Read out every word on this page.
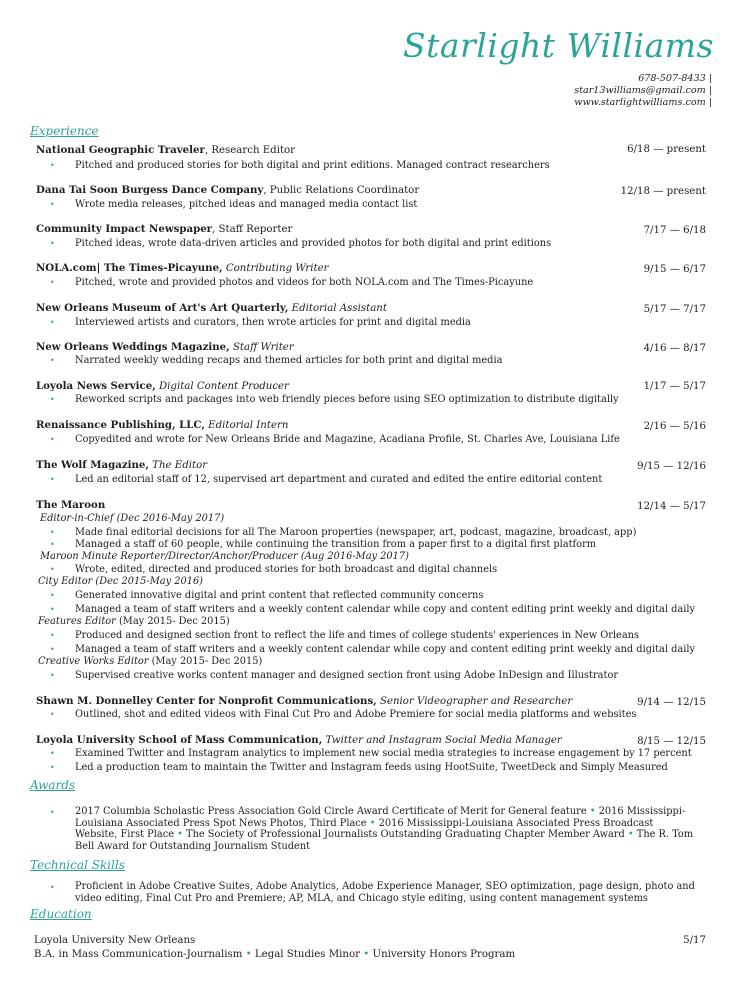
Starlight Williams
678-507-8433 |
star13williams@gmail.com |
www.starlightwilliams.com |
Experience
National Geographic Traveler, Research Editor	6/18 — present
• Pitched and produced stories for both digital and print editions. Managed contract researchers
Dana Tai Soon Burgess Dance Company, Public Relations Coordinator	12/18 — present
• Wrote media releases, pitched ideas and managed media contact list
Community Impact Newspaper, Staff Reporter	7/17 — 6/18
• Pitched ideas, wrote data-driven articles and provided photos for both digital and print editions
NOLA.com| The Times-Picayune, Contributing Writer	9/15 — 6/17
• Pitched, wrote and provided photos and videos for both NOLA.com and The Times-Picayune
New Orleans Museum of Art's Art Quarterly, Editorial Assistant	5/17 — 7/17
• Interviewed artists and curators, then wrote articles for print and digital media
New Orleans Weddings Magazine, Staff Writer	4/16 — 8/17
• Narrated weekly wedding recaps and themed articles for both print and digital media
Loyola News Service, Digital Content Producer	1/17 — 5/17
• Reworked scripts and packages into web friendly pieces before using SEO optimization to distribute digitally
Renaissance Publishing, LLC, Editorial Intern	2/16 — 5/16
• Copyedited and wrote for New Orleans Bride and Magazine, Acadiana Profile, St. Charles Ave, Louisiana Life
The Wolf Magazine, The Editor	9/15 — 12/16
• Led an editorial staff of 12, supervised art department and curated and edited the entire editorial content
The Maroon	12/14 — 5/17
Editor-in-Chief (Dec 2016-May 2017)
• Made final editorial decisions for all The Maroon properties (newspaper, art, podcast, magazine, broadcast, app)
• Managed a staff of 60 people, while continuing the transition from a paper first to a digital first platform
Maroon Minute Reporter/Director/Anchor/Producer (Aug 2016-May 2017)
• Wrote, edited, directed and produced stories for both broadcast and digital channels
City Editor (Dec 2015-May 2016)
• Generated innovative digital and print content that reflected community concerns
• Managed a team of staff writers and a weekly content calendar while copy and content editing print weekly and digital daily
Features Editor (May 2015- Dec 2015)
• Produced and designed section front to reflect the life and times of college students' experiences in New Orleans
• Managed a team of staff writers and a weekly content calendar while copy and content editing print weekly and digital daily
Creative Works Editor (May 2015- Dec 2015)
• Supervised creative works content manager and designed section front using Adobe InDesign and Illustrator
Shawn M. Donnelley Center for Nonprofit Communications, Senior Videographer and Researcher	9/14 — 12/15
• Outlined, shot and edited videos with Final Cut Pro and Adobe Premiere for social media platforms and websites
Loyola University School of Mass Communication, Twitter and Instagram Social Media Manager	8/15 — 12/15
• Examined Twitter and Instagram analytics to implement new social media strategies to increase engagement by 17 percent
• Led a production team to maintain the Twitter and Instagram feeds using HootSuite, TweetDeck and Simply Measured
Awards
• 2017 Columbia Scholastic Press Association Gold Circle Award Certificate of Merit for General feature • 2016 Mississippi-Louisiana Associated Press Spot News Photos, Third Place • 2016 Mississippi-Louisiana Associated Press Broadcast Website, First Place • The Society of Professional Journalists Outstanding Graduating Chapter Member Award • The R. Tom Bell Award for Outstanding Journalism Student
Technical Skills
• Proficient in Adobe Creative Suites, Adobe Analytics, Adobe Experience Manager, SEO optimization, page design, photo and video editing, Final Cut Pro and Premiere; AP, MLA, and Chicago style editing, using content management systems
Education
Loyola University New Orleans	5/17
B.A. in Mass Communication-Journalism • Legal Studies Minor • University Honors Program
